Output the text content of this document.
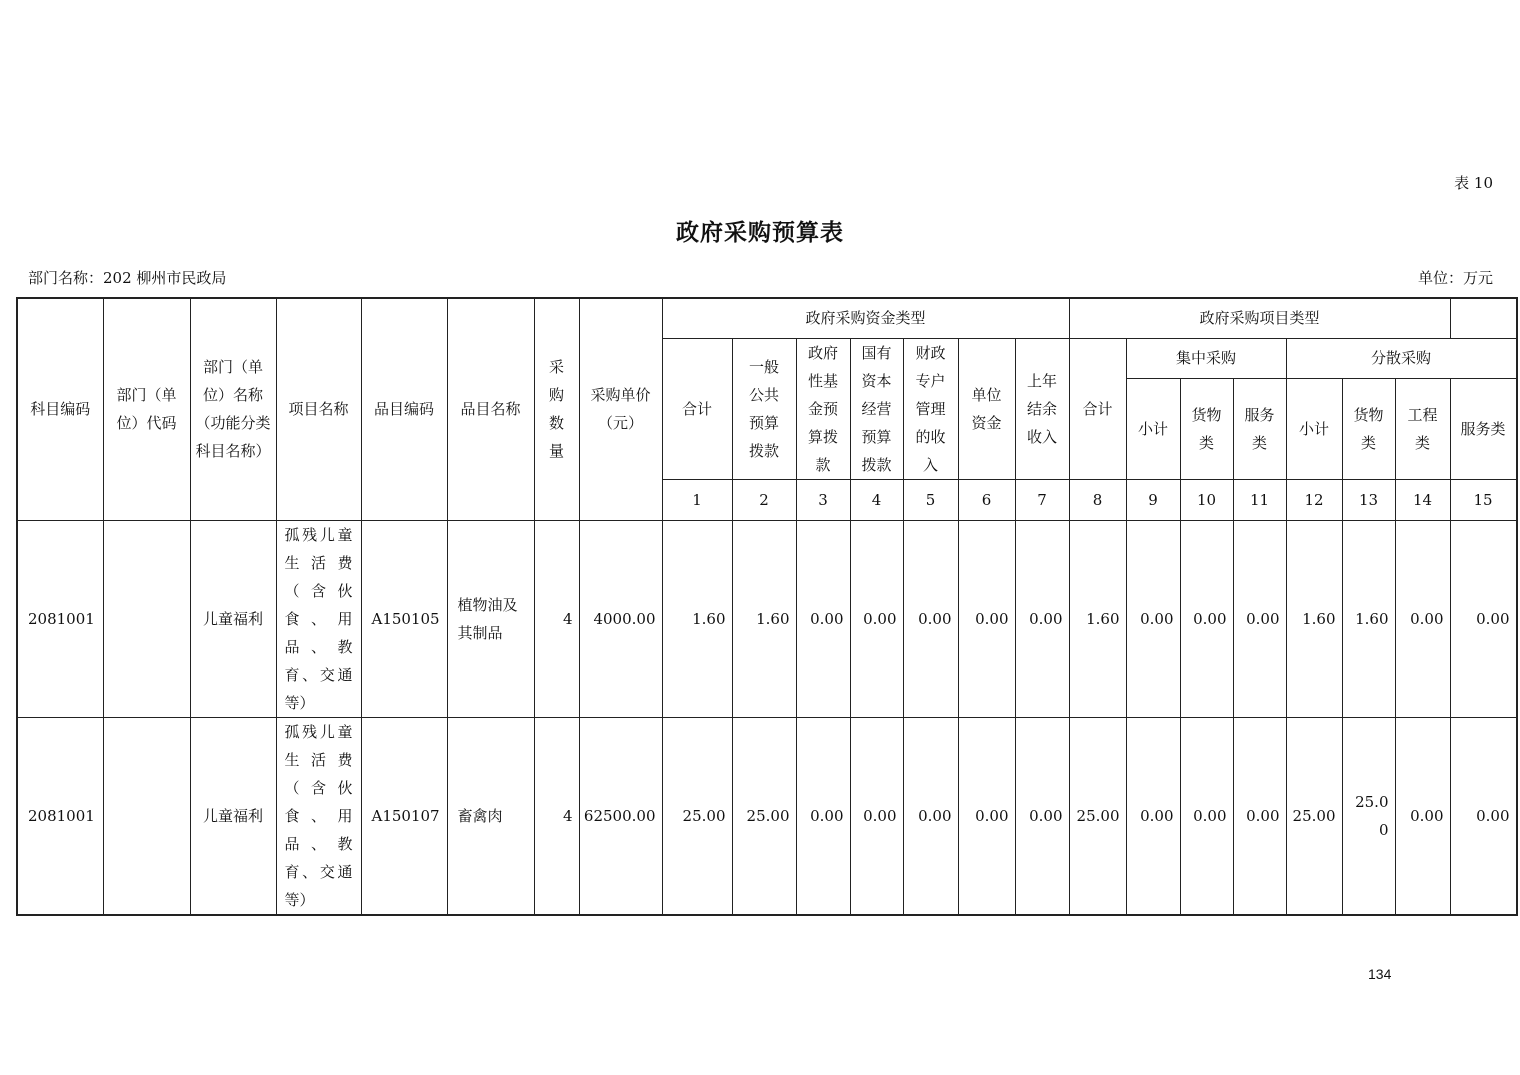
表 10
政府采购预算表
部门名称：202 柳州市民政局	单位：万元
科目编码	部门（单位）代码	部门（单位）名称（功能分类科目名称）	项目名称	品目编码	品目名称	采购数量	采购单价（元）	政府采购资金类型							政府采购项目类型							
								合计	一般公共预算拨款	政府性基金预算拨款	国有资本经营预算拨款	财政专户管理的收入	单位资金	上年结余收入	合计	集中采购			分散采购			
																小计	货物类	服务类	小计	货物类	工程类	服务类
								1	2	3	4	5	6	7	8	9	10	11	12	13	14	15
2081001		儿童福利	孤残儿童生活费（含伙食、用品、教育、交通等）	A150105	植物油及其制品	4	4000.00	1.60	1.60	0.00	0.00	0.00	0.00	0.00	1.60	0.00	0.00	0.00	1.60	1.60	0.00	0.00
2081001		儿童福利	孤残儿童生活费（含伙食、用品、教育、交通等）	A150107	畜禽肉	4	62500.00	25.00	25.00	0.00	0.00	0.00	0.00	0.00	25.00	0.00	0.00	0.00	25.00	25.00	0.00	0.00
134
